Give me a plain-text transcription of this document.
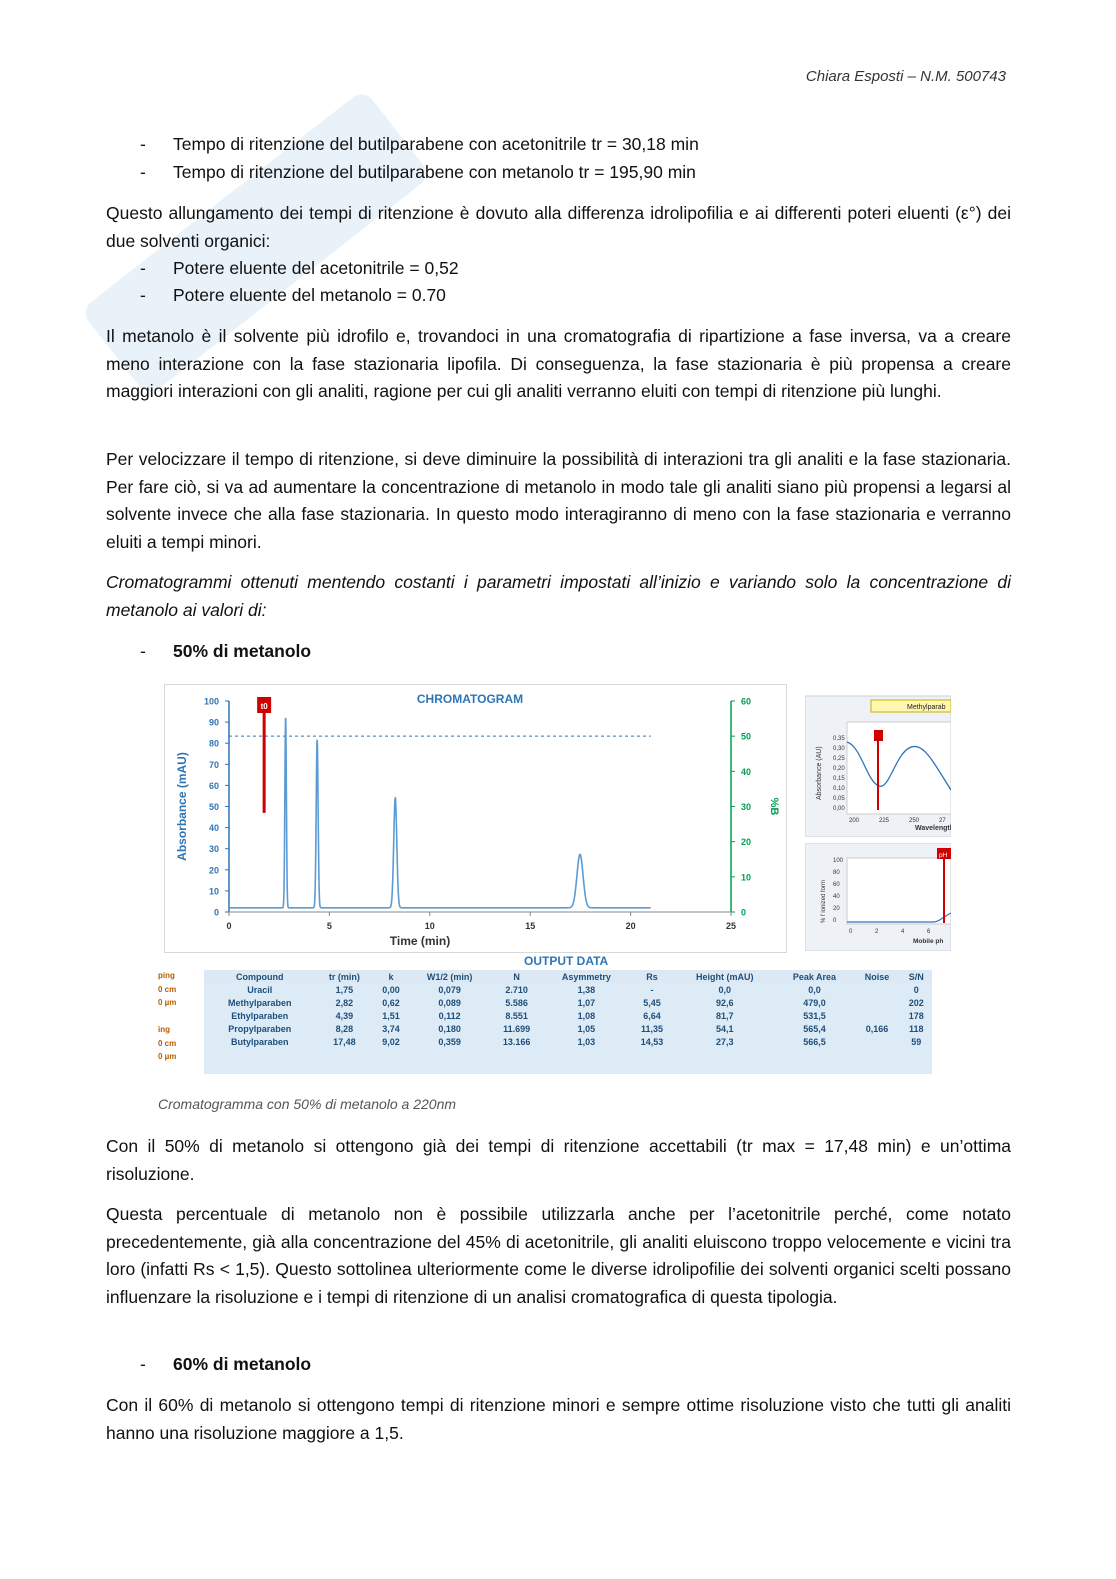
Chiara Esposti – N.M. 500743
- Tempo di ritenzione del butilparabene con acetonitrile tr = 30,18 min
- Tempo di ritenzione del butilparabene con metanolo tr = 195,90 min
Questo allungamento dei tempi di ritenzione è dovuto alla differenza idrolipofilia e ai differenti poteri eluenti (ε°) dei due solventi organici:
- Potere eluente del acetonitrile = 0,52
- Potere eluente del metanolo = 0.70
Il metanolo è il solvente più idrofilo e, trovandoci in una cromatografia di ripartizione a fase inversa, va a creare meno interazione con la fase stazionaria lipofila. Di conseguenza, la fase stazionaria è più propensa a creare maggiori interazioni con gli analiti, ragione per cui gli analiti verranno eluiti con tempi di ritenzione più lunghi.
Per velocizzare il tempo di ritenzione, si deve diminuire la possibilità di interazioni tra gli analiti e la fase stazionaria. Per fare ciò, si va ad aumentare la concentrazione di metanolo in modo tale gli analiti siano più propensi a legarsi al solvente invece che alla fase stazionaria. In questo modo interagiranno di meno con la fase stazionaria e verranno eluiti a tempi minori.
Cromatogrammi ottenuti mentendo costanti i parametri impostati all’inizio e variando solo la concentrazione di metanolo ai valori di:
- 50% di metanolo
CHROMATOGRAM
0
10
20
30
40
50
60
70
80
90
100
0
10
20
30
40
50
60
0	5	10	15	20	25
Time (min)
Absorbance (mAU)	%B
t0	Methylparab
Absorbance (AU)
0,35
0,30
0,25
0,20
0,15
0,10
0,05
0,00
200	225	250	27
Wavelength
% f ionized form
100
80
60
40
20
0
0	2	4	6
pH
Mobile ph
OUTPUT DATA
ping
0 cm
0 µm
ing
0 cm
0 µm
Compound	tr (min)	k	W1/2 (min)	N	Asymmetry	Rs	Height (mAU)	Peak Area	Noise	S/N
Uracil	1,75	0,00	0,079	2.710	1,38	-	0,0	0,0		0
Methylparaben	2,82	0,62	0,089	5.586	1,07	5,45	92,6	479,0		202
Ethylparaben	4,39	1,51	0,112	8.551	1,08	6,64	81,7	531,5		178
Propylparaben	8,28	3,74	0,180	11.699	1,05	11,35	54,1	565,4	0,166	118
Butylparaben	17,48	9,02	0,359	13.166	1,03	14,53	27,3	566,5		59

Cromatogramma con 50% di metanolo a 220nm
Con il 50% di metanolo si ottengono già dei tempi di ritenzione accettabili (tr max = 17,48 min) e un’ottima risoluzione.
Questa percentuale di metanolo non è possibile utilizzarla anche per l’acetonitrile perché, come notato precedentemente, già alla concentrazione del 45% di acetonitrile, gli analiti eluiscono troppo velocemente e vicini tra loro (infatti Rs < 1,5). Questo sottolinea ulteriormente come le diverse idrolipofilie dei solventi organici scelti possano influenzare la risoluzione e i tempi di ritenzione di un analisi cromatografica di questa tipologia.
- 60% di metanolo
Con il 60% di metanolo si ottengono tempi di ritenzione minori e sempre ottime risoluzione visto che tutti gli analiti hanno una risoluzione maggiore a 1,5.
